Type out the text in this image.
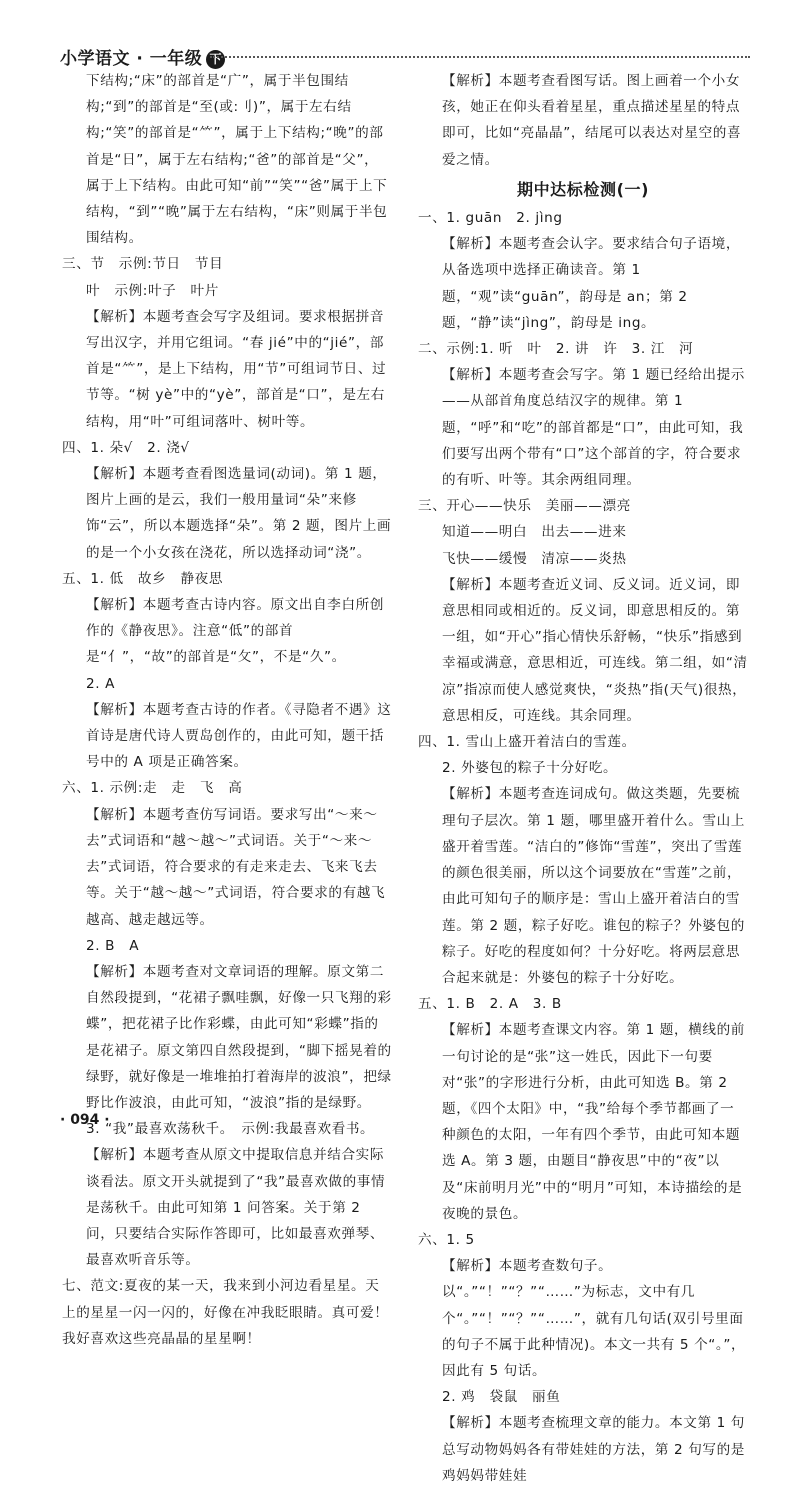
小学语文 · 一年级 下

下结构;“床”的部首是“广”，属于半包围结构;“到”的部首是“至(或:刂)”，属于左右结构;“笑”的部首是“⺮”，属于上下结构;“晚”的部首是“日”，属于左右结构;“爸”的部首是“父”，属于上下结构。由此可知“前”“笑”“爸”属于上下结构，“到”“晚”属于左右结构，“床”则属于半包围结构。

三、节　示例:节日　节目

叶　示例:叶子　叶片

【解析】本题考查会写字及组词。要求根据拼音写出汉字，并用它组词。“春 jié”中的“jié”，部首是“⺮”，是上下结构，用“节”可组词节日、过节等。“树 yè”中的“yè”，部首是“口”，是左右结构，用“叶”可组词落叶、树叶等。

四、1. 朵√　2. 浇√

【解析】本题考查看图选量词(动词)。第 1 题，图片上画的是云，我们一般用量词“朵”来修饰“云”，所以本题选择“朵”。第 2 题，图片上画的是一个小女孩在浇花，所以选择动词“浇”。

五、1. 低　故乡　静夜思

【解析】本题考查古诗内容。原文出自李白所创作的《静夜思》。注意“低”的部首是“亻”，“故”的部首是“攵”，不是“久”。

2. A

【解析】本题考查古诗的作者。《寻隐者不遇》这首诗是唐代诗人贾岛创作的，由此可知，题干括号中的 A 项是正确答案。

六、1. 示例:走　走　飞　高

【解析】本题考查仿写词语。要求写出“～来～去”式词语和“越～越～”式词语。关于“～来～去”式词语，符合要求的有走来走去、飞来飞去等。关于“越～越～”式词语，符合要求的有越飞越高、越走越远等。

2. B　A

【解析】本题考查对文章词语的理解。原文第二自然段提到，“花裙子飘哇飘，好像一只飞翔的彩蝶”，把花裙子比作彩蝶，由此可知“彩蝶”指的是花裙子。原文第四自然段提到，“脚下摇晃着的绿野，就好像是一堆堆拍打着海岸的波浪”，把绿野比作波浪，由此可知，“波浪”指的是绿野。

3. “我”最喜欢荡秋千。　示例:我最喜欢看书。

【解析】本题考查从原文中提取信息并结合实际谈看法。原文开头就提到了“我”最喜欢做的事情是荡秋千。由此可知第 1 问答案。关于第 2 问，只要结合实际作答即可，比如最喜欢弹琴、最喜欢听音乐等。

七、范文:夏夜的某一天，我来到小河边看星星。天上的星星一闪一闪的，好像在冲我眨眼睛。真可爱！我好喜欢这些亮晶晶的星星啊！

【解析】本题考查看图写话。图上画着一个小女孩，她正在仰头看着星星，重点描述星星的特点即可，比如“亮晶晶”，结尾可以表达对星空的喜爱之情。

期中达标检测(一)

一、1. guān　2. jìng

【解析】本题考查会认字。要求结合句子语境，从备选项中选择正确读音。第 1 题，“观”读“guān”，韵母是 an；第 2 题，“静”读“jìng”，韵母是 ing。

二、示例:1. 听　叶　2. 讲　许　3. 江　河

【解析】本题考查会写字。第 1 题已经给出提示——从部首角度总结汉字的规律。第 1 题，“呼”和“吃”的部首都是“口”，由此可知，我们要写出两个带有“口”这个部首的字，符合要求的有听、叶等。其余两组同理。

三、开心——快乐　美丽——漂亮

知道——明白　出去——进来

飞快——缓慢　清凉——炎热

【解析】本题考查近义词、反义词。近义词，即意思相同或相近的。反义词，即意思相反的。第一组，如“开心”指心情快乐舒畅，“快乐”指感到幸福或满意，意思相近，可连线。第二组，如“清凉”指凉而使人感觉爽快，“炎热”指(天气)很热，意思相反，可连线。其余同理。

四、1. 雪山上盛开着洁白的雪莲。

2. 外婆包的粽子十分好吃。

【解析】本题考查连词成句。做这类题，先要梳理句子层次。第 1 题，哪里盛开着什么。雪山上盛开着雪莲。“洁白的”修饰“雪莲”，突出了雪莲的颜色很美丽，所以这个词要放在“雪莲”之前，由此可知句子的顺序是：雪山上盛开着洁白的雪莲。第 2 题，粽子好吃。谁包的粽子？外婆包的粽子。好吃的程度如何？十分好吃。将两层意思合起来就是：外婆包的粽子十分好吃。

五、1. B　2. A　3. B

【解析】本题考查课文内容。第 1 题，横线的前一句讨论的是“张”这一姓氏，因此下一句要对“张”的字形进行分析，由此可知选 B。第 2 题，《四个太阳》中，“我”给每个季节都画了一种颜色的太阳，一年有四个季节，由此可知本题选 A。第 3 题，由题目“静夜思”中的“夜”以及“床前明月光”中的“明月”可知，本诗描绘的是夜晚的景色。

六、1. 5

【解析】本题考查数句子。以“。”“！”“？”“……”为标志，文中有几个“。”“！”“？”“……”，就有几句话(双引号里面的句子不属于此种情况)。本文一共有 5 个“。”，因此有 5 句话。

2. 鸡　袋鼠　丽鱼

【解析】本题考查梳理文章的能力。本文第 1 句总写动物妈妈各有带娃娃的方法，第 2 句写的是鸡妈妈带娃娃

· 094 ·
